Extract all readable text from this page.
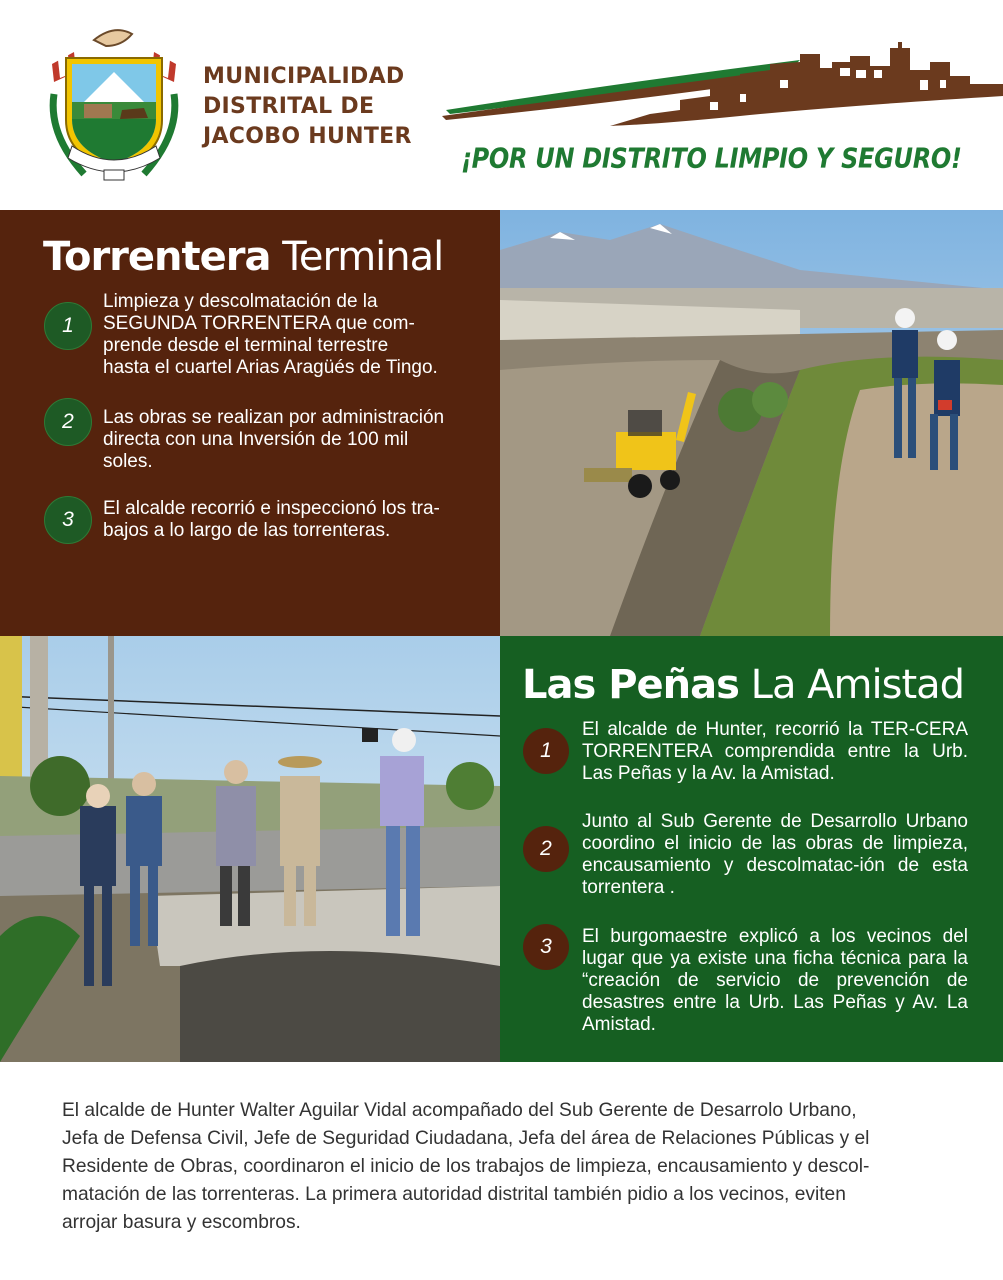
MUNICIPALIDAD
DISTRITAL DE
JACOBO HUNTER
¡POR UN DISTRITO LIMPIO Y SEGURO!
Torrentera Terminal
1
Limpieza y descolmatación de la
SEGUNDA TORRENTERA que com-
prende desde el terminal terrestre
hasta el cuartel Arias Aragüés de Tingo.
2	Las obras se realizan por administración
directa con una Inversión de 100 mil
soles.
3	El alcalde recorrió e inspeccionó los tra-
bajos a lo largo de las torrenteras.
Las Peñas La Amistad
1
El alcalde de Hunter, recorrió la TER-CERA TORRENTERA comprendida entre la Urb. Las Peñas y la Av. la Amistad.
2
Junto al Sub Gerente de Desarrollo Urbano coordino el inicio de las obras de limpieza, encausamiento y descolmatac-ión de esta torrentera .
3	El burgomaestre explicó a los vecinos del lugar que ya existe una ficha técnica para la “creación de servicio de prevención de desastres entre la Urb. Las Peñas y Av. La Amistad.
El alcalde de Hunter Walter Aguilar Vidal acompañado del Sub Gerente de Desarrolo Urbano,
Jefa de Defensa Civil, Jefe de Seguridad Ciudadana, Jefa del área de Relaciones Públicas y el
Residente de Obras, coordinaron el inicio de los trabajos de limpieza, encausamiento y descol-
matación de las torrenteras. La primera autoridad distrital también pidio a los vecinos, eviten
arrojar basura y escombros.
